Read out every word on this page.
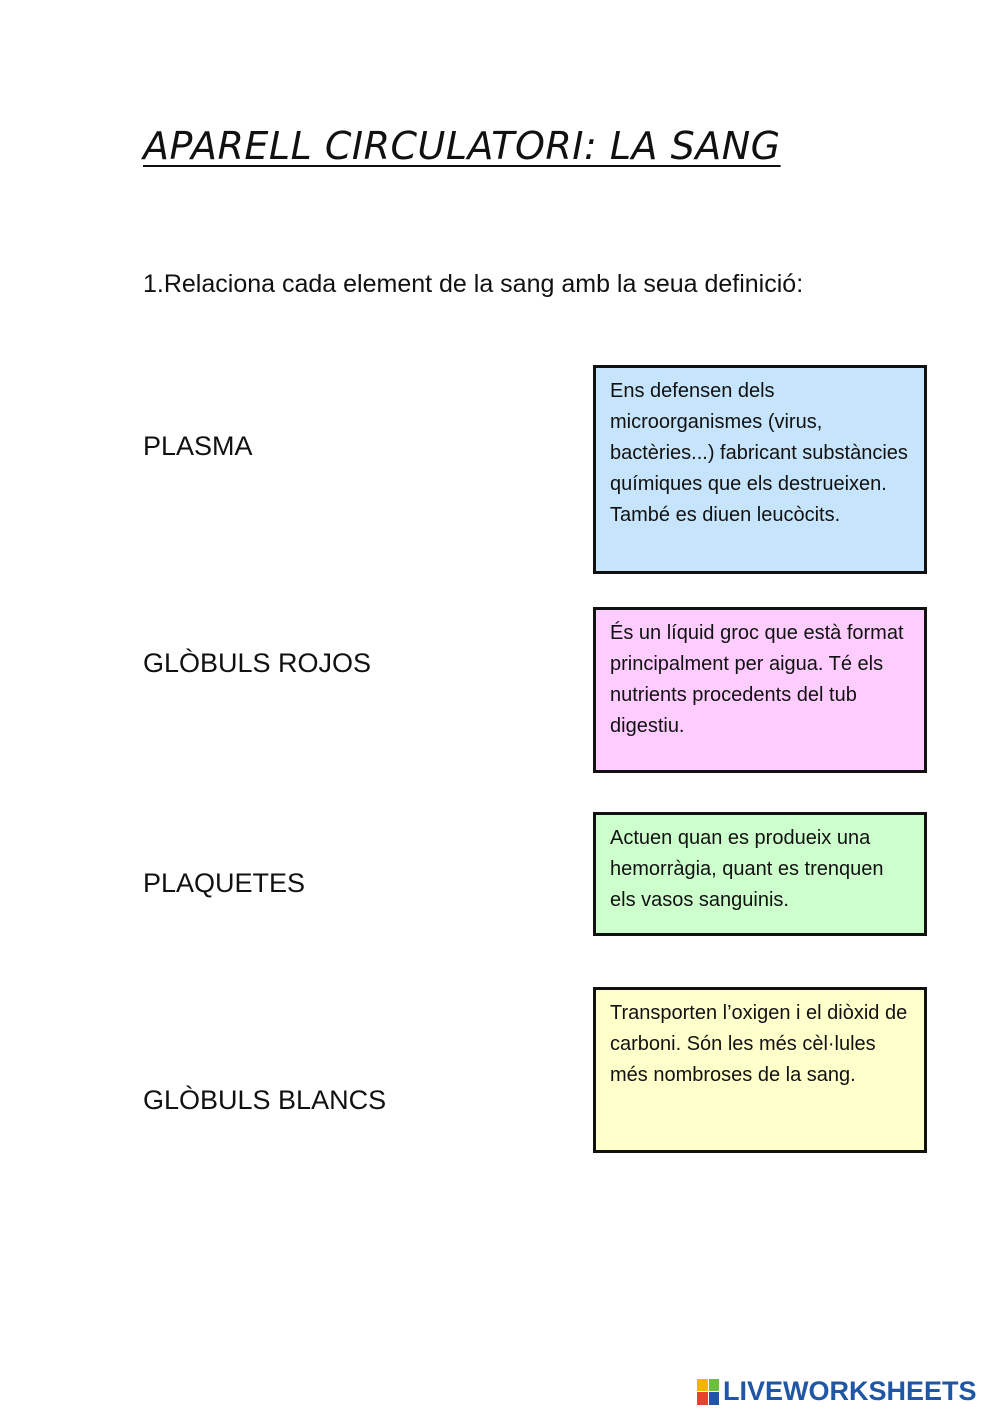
APARELL CIRCULATORI: LA SANG
1.Relaciona cada element de la sang amb la seua definició:
PLASMA
GLÒBULS ROJOS
PLAQUETES
GLÒBULS BLANCS
Ens defensen dels microorganismes (virus, bactèries...) fabricant substàncies químiques que els destrueixen. També es diuen leucòcits.
És un líquid groc que està format principalment per aigua. Té els nutrients procedents del tub digestiu.
Actuen quan es produeix una hemorràgia, quant es trenquen els vasos sanguinis.
Transporten l’oxigen i el diòxid de carboni. Són les més cèl·lules més nombroses de la sang.
LIVEWORKSHEETS
